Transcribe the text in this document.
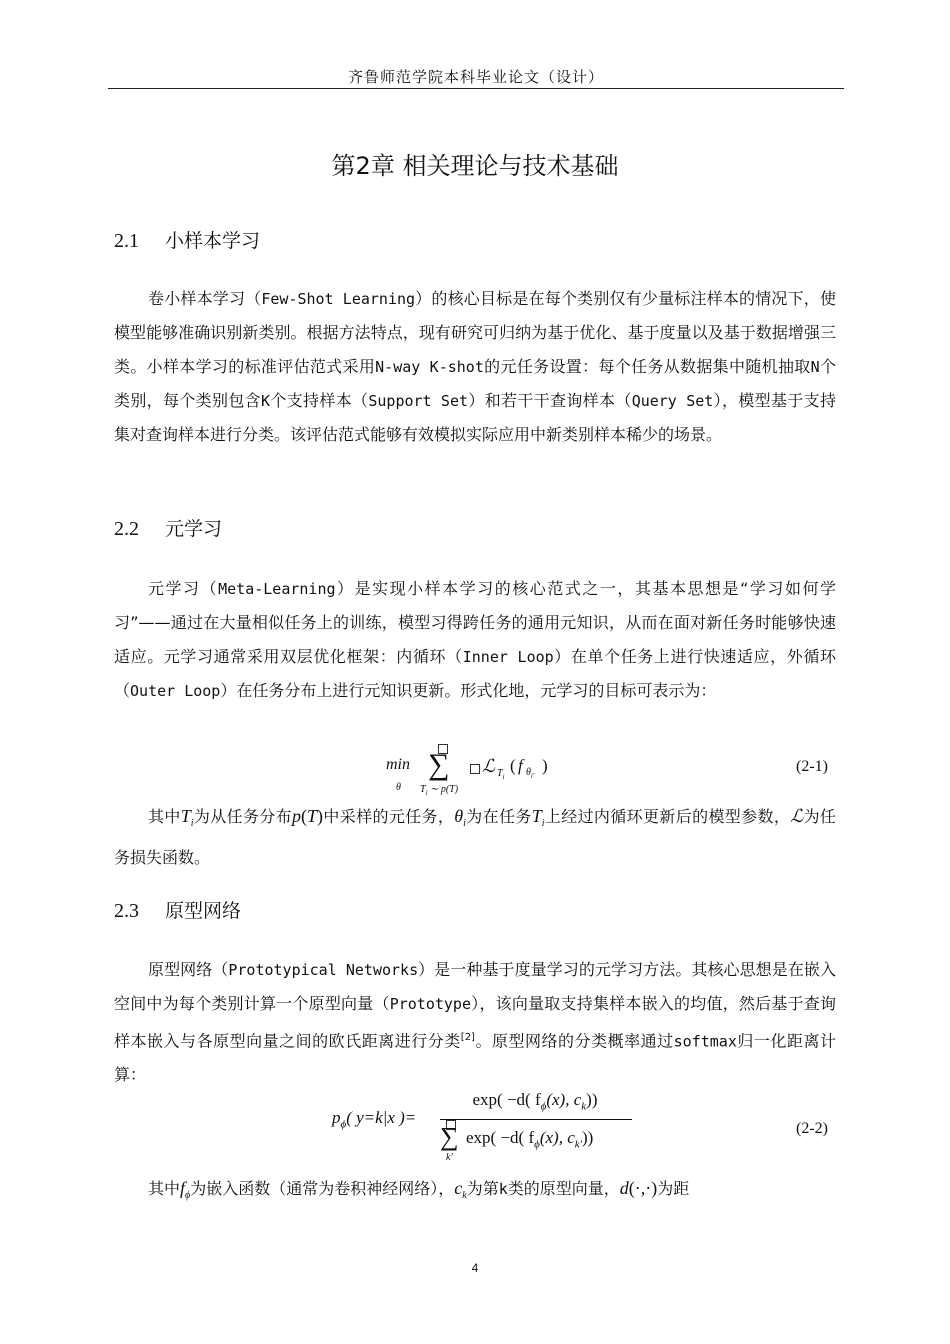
齐鲁师范学院本科毕业论文（设计）
第2章 相关理论与技术基础
2.1 小样本学习
卷小样本学习（Few-Shot Learning）的核心目标是在每个类别仅有少量标注样本的情况下，使模型能够准确识别新类别。根据方法特点，现有研究可归纳为基于优化、基于度量以及基于数据增强三类。小样本学习的标准评估范式采用N-way K-shot的元任务设置：每个任务从数据集中随机抽取N个类别，每个类别包含K个支持样本（Support Set）和若干干查询样本（Query Set），模型基于支持集对查询样本进行分类。该评估范式能够有效模拟实际应用中新类别样本稀少的场景。
2.2 元学习
元学习（Meta-Learning）是实现小样本学习的核心范式之一，其基本思想是“学习如何学习”——通过在大量相似任务上的训练，模型习得跨任务的通用元知识，从而在面对新任务时能够快速适应。元学习通常采用双层优化框架：内循环（Inner Loop）在单个任务上进行快速适应，外循环（Outer Loop）在任务分布上进行元知识更新。形式化地，元学习的目标可表示为：
min
θ
∑
$T_i$ ∼ p(T)
ℒ $T_i$
( f $\theta_{i'}$
)	(2-1)
其中$T_i$为从任务分布p(T)中采样的元任务，$\theta_i$为在任务$T_i$上经过内循环更新后的模型参数，ℒ为任务损失函数。
2.3 原型网络
原型网络（Prototypical Networks）是一种基于度量学习的元学习方法。其核心思想是在嵌入空间中为每个类别计算一个原型向量（Prototype），该向量取支持集样本嵌入的均值，然后基于查询样本嵌入与各原型向量之间的欧氏距离进行分类[2]。原型网络的分类概率通过softmax归一化距离计算：
$p_\phi$( y=k|x )=
exp( −d( $f_\phi(x)$, $c_k$))
∑
k'
exp( −d( $f_\phi(x)$, $c_{k'}$))	(2-2)
其中$f_\phi$为嵌入函数（通常为卷积神经网络），$c_k$为第k类的原型向量，d(·,·)为距
4
